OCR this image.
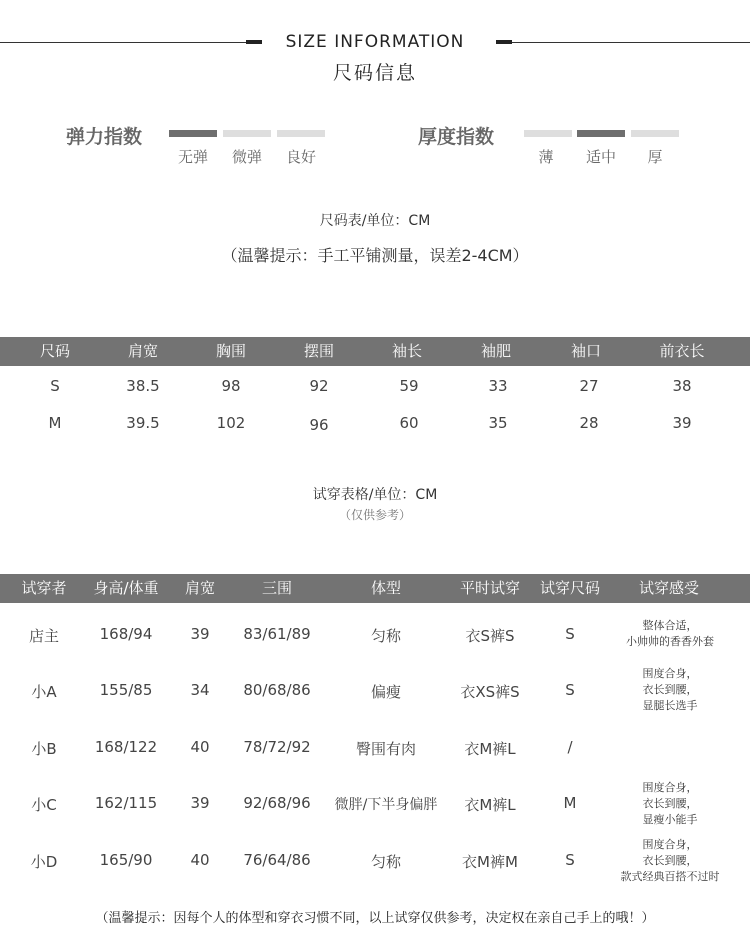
SIZE INFORMATION
尺码信息
弹力指数
无弹	微弹	良好
厚度指数
薄	适中	厚
尺码表/单位：CM
（温馨提示：手工平铺测量，误差2-4CM）
尺码	肩宽	胸围	摆围	袖长	袖肥	袖口	前衣长
S	38.5	98	92	59	33	27	38
M	39.5	102	96	60	35	28	39
试穿表格/单位：CM
（仅供参考）
试穿者	身高/体重	肩宽	三围	体型	平时试穿	试穿尺码	试穿感受
店主	168/94	39	83/61/89	匀称	衣S裤S	S	整体合适，
小帅帅的香香外套
小A	155/85	34	80/68/86	偏瘦	衣XS裤S	S
围度合身，
衣长到腰，
显腿长选手
小B	168/122	40	78/72/92	臀围有肉	衣M裤L	/
小C	162/115	39	92/68/96	微胖/下半身偏胖	衣M裤L	M
围度合身，
衣长到腰，
显瘦小能手
小D	165/90	40	76/64/86	匀称	衣M裤M	S
围度合身，
衣长到腰，
款式经典百搭不过时
（温馨提示：因每个人的体型和穿衣习惯不同，以上试穿仅供参考，决定权在亲自己手上的哦！）
